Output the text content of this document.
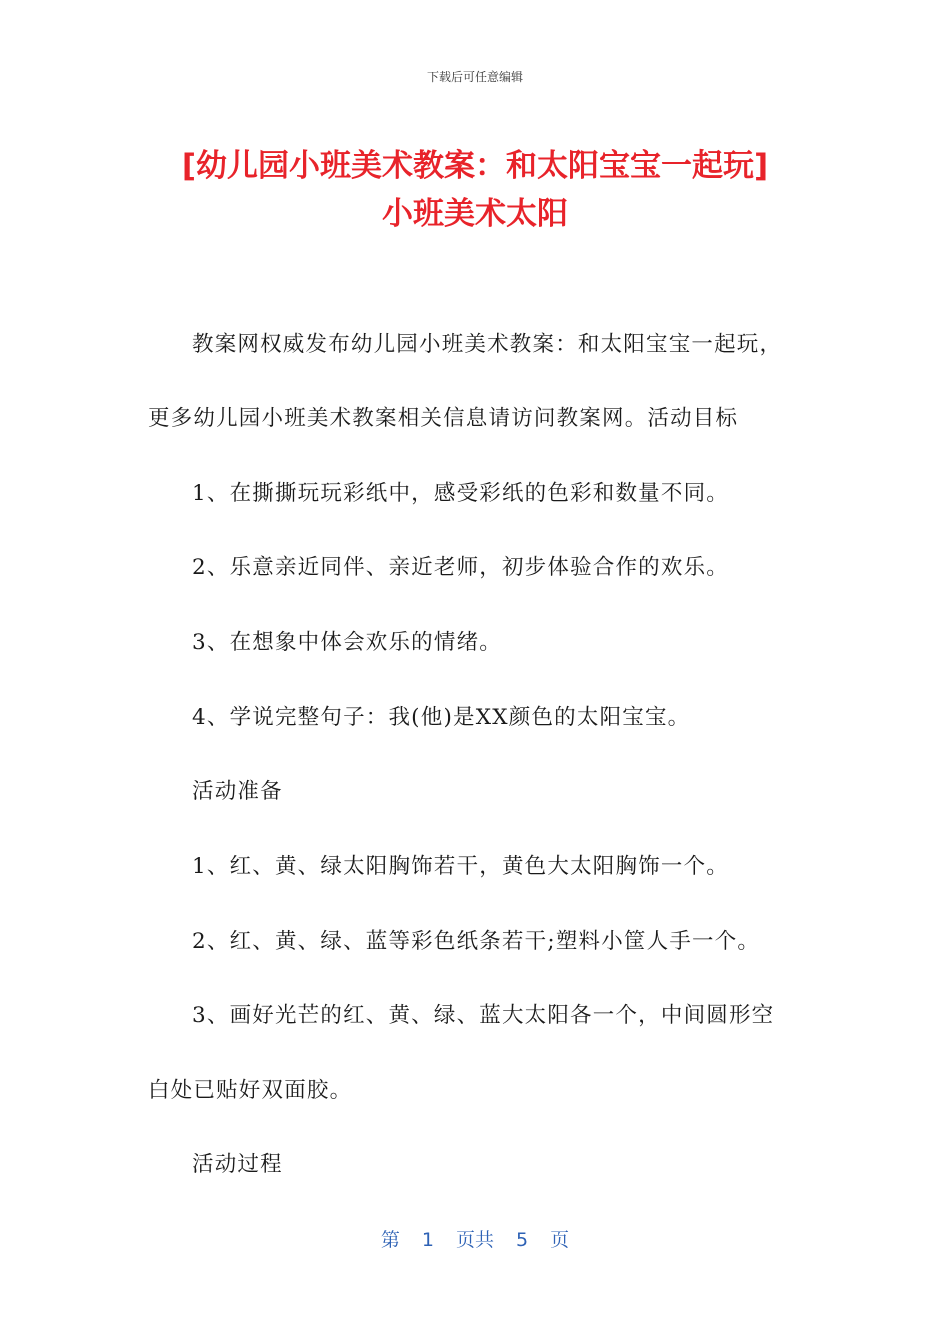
下载后可任意编辑
[幼儿园小班美术教案：和太阳宝宝一起玩]
小班美术太阳
教案网权威发布幼儿园小班美术教案：和太阳宝宝一起玩，
更多幼儿园小班美术教案相关信息请访问教案网。活动目标
1、在撕撕玩玩彩纸中，感受彩纸的色彩和数量不同。
2、乐意亲近同伴、亲近老师，初步体验合作的欢乐。
3、在想象中体会欢乐的情绪。
4、学说完整句子：我(他)是XX颜色的太阳宝宝。
活动准备
1、红、黄、绿太阳胸饰若干，黄色大太阳胸饰一个。
2、红、黄、绿、蓝等彩色纸条若干;塑料小筐人手一个。
3、画好光芒的红、黄、绿、蓝大太阳各一个，中间圆形空
白处已贴好双面胶。
活动过程
第 1 页共 5 页
